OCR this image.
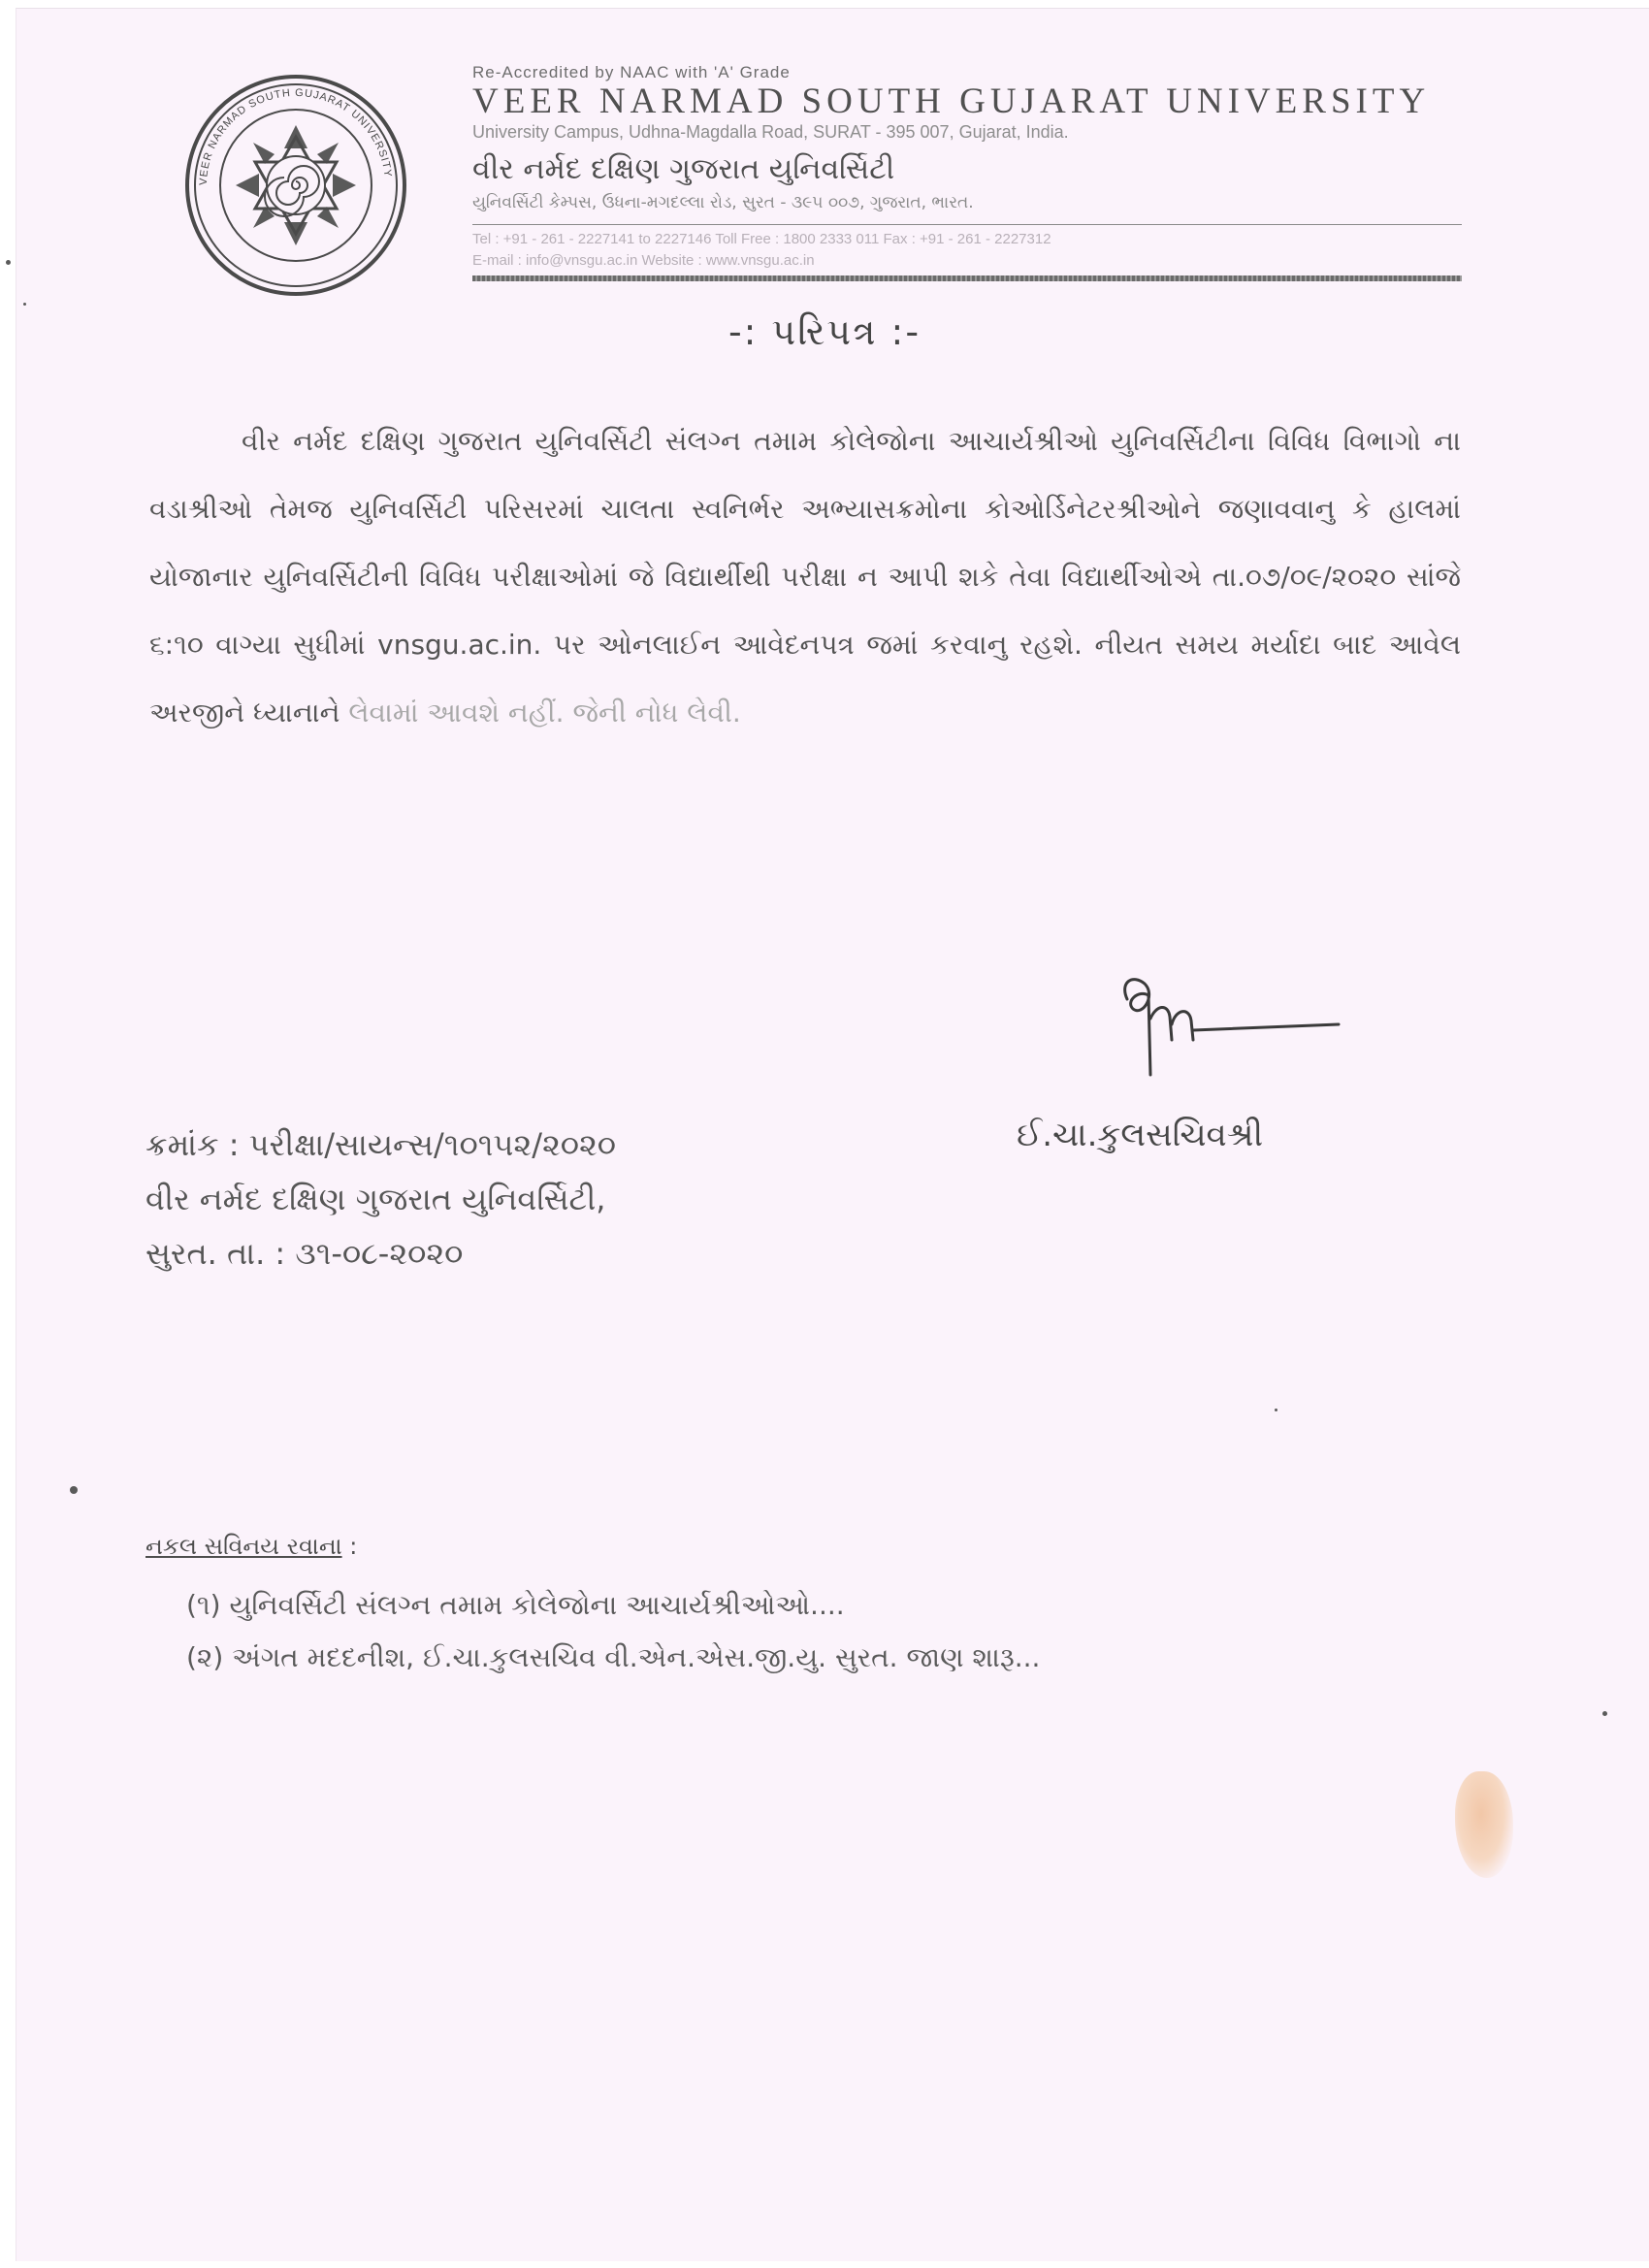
VEER NARMAD SOUTH GUJARAT UNIVERSITY
Re-Accredited by NAAC with 'A' Grade
VEER NARMAD SOUTH GUJARAT UNIVERSITY
University Campus, Udhna-Magdalla Road, SURAT - 395 007, Gujarat, India.
વીર નર્મદ દક્ષિણ ગુજરાત યુનિવર્સિટી
યુનિવર્સિટી કેમ્પસ, ઉધના-મગદલ્લા રોડ, સુરત - ૩૯૫ ૦૦૭, ગુજરાત, ભારત.
Tel : +91 - 261 - 2227141 to 2227146 Toll Free : 1800 2333 011 Fax : +91 - 261 - 2227312
E-mail : info@vnsgu.ac.in Website : www.vnsgu.ac.in
-: પરિપત્ર :-
વીર નર્મદ દક્ષિણ ગુજરાત યુનિવર્સિટી સંલગ્ન તમામ કોલેજોના આચાર્યશ્રીઓ યુનિવર્સિટીના વિવિધ વિભાગો ના વડાશ્રીઓ તેમજ યુનિવર્સિટી પરિસરમાં ચાલતા સ્વનિર્ભર અભ્યાસક્રમોના કોઓર્ડિનેટરશ્રીઓને જણાવવાનુ કે હાલમાં યોજાનાર યુનિવર્સિટીની વિવિધ પરીક્ષાઓમાં જે વિદ્યાર્થીથી પરીક્ષા ન આપી શકે તેવા વિદ્યાર્થીઓએ તા.૦૭/૦૯/૨૦૨૦ સાંજે ૬:૧૦ વાગ્યા સુધીમાં vnsgu.ac.in. પર ઓનલાઈન આવેદનપત્ર જમાં કરવાનુ રહશે. નીયત સમય મર્યાદા બાદ આવેલ અરજીને ધ્યાનાને લેવામાં આવશે નહીં. જેની નોધ લેવી.
ઈ.ચા.કુલસચિવશ્રી
ક્રમાંક : પરીક્ષા/સાયન્સ/૧૦૧૫૨/૨૦૨૦
વીર નર્મદ દક્ષિણ ગુજરાત યુનિવર્સિટી,
સુરત. તા. : ૩૧-૦૮-૨૦૨૦
નકલ સવિનય રવાના :
(૧) યુનિવર્સિટી સંલગ્ન તમામ કોલેજોના આચાર્યશ્રીઓઓ....
(૨) અંગત મદદનીશ, ઈ.ચા.કુલસચિવ વી.એન.એસ.જી.યુ. સુરત. જાણ શારૂ...
